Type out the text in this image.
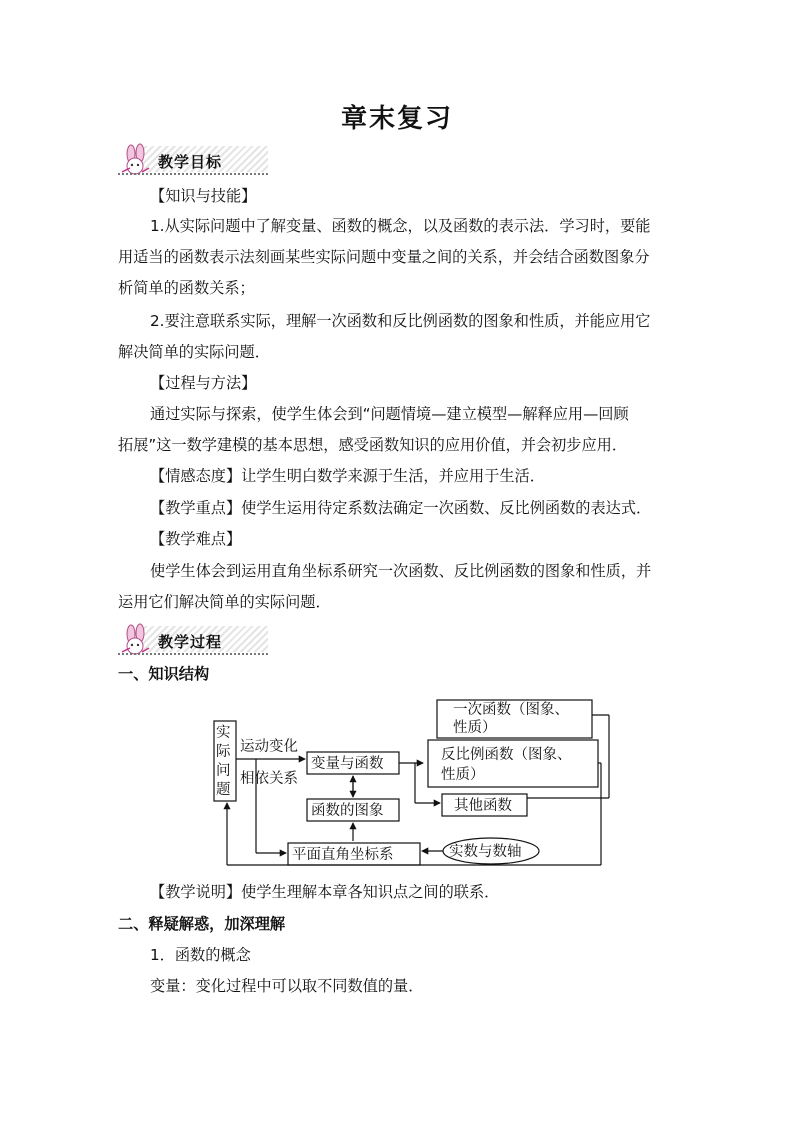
章末复习
教学目标
【知识与技能】
1.从实际问题中了解变量、函数的概念，以及函数的表示法．学习时，要能
用适当的函数表示法刻画某些实际问题中变量之间的关系，并会结合函数图象分
析简单的函数关系；
2.要注意联系实际，理解一次函数和反比例函数的图象和性质，并能应用它
解决简单的实际问题．
【过程与方法】
通过实际与探索，使学生体会到“问题情境—建立模型—解释应用—回顾
拓展”这一数学建模的基本思想，感受函数知识的应用价值，并会初步应用．
【情感态度】让学生明白数学来源于生活，并应用于生活．
【教学重点】使学生运用待定系数法确定一次函数、反比例函数的表达式．
【教学难点】
使学生体会到运用直角坐标系研究一次函数、反比例函数的图象和性质，并
运用它们解决简单的实际问题．
教学过程
一、知识结构
实
际
问
题
运动变化
相依关系
变量与函数
函数的图象
平面直角坐标系	实数与数轴
一次函数（图象、
性质）
反比例函数（图象、
性质）
其他函数
【教学说明】使学生理解本章各知识点之间的联系．
二、释疑解惑，加深理解
1．函数的概念
变量：变化过程中可以取不同数值的量．
